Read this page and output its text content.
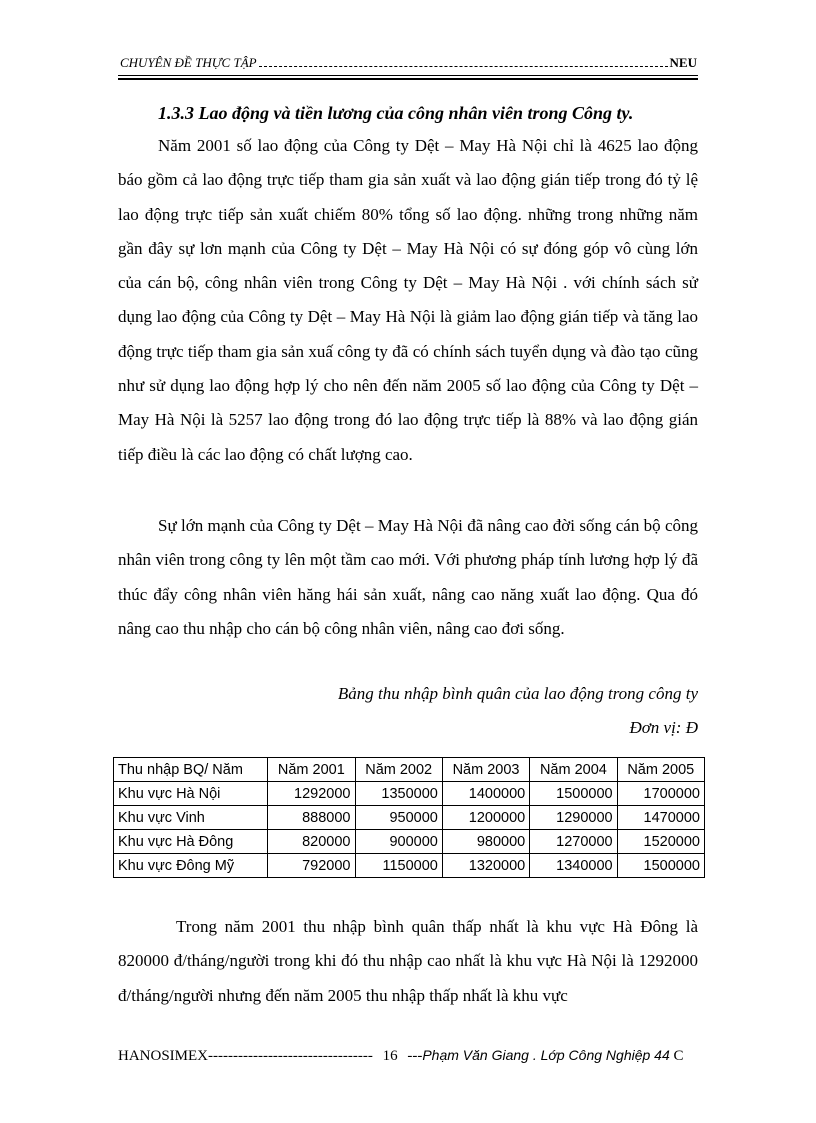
CHUYÊN ĐỀ THỰC TẬP	NEU
1.3.3 Lao động và tiền lương của công nhân viên trong Công ty.

Năm 2001 số lao động của Công ty Dệt – May Hà Nội chỉ là 4625 lao động báo gồm cả lao động trực tiếp tham gia sản xuất và lao động gián tiếp trong đó tỷ lệ lao động trực tiếp sản xuất chiếm 80% tổng số lao động. những trong những năm gần đây sự lơn mạnh của Công ty Dệt – May Hà Nội có sự đóng góp vô cùng lớn của cán bộ, công nhân viên trong Công ty Dệt – May Hà Nội . với chính sách sử dụng lao động của Công ty Dệt – May Hà Nội là giảm lao động gián tiếp và tăng lao động trực tiếp tham gia sản xuấ công ty đã có chính sách tuyển dụng và đào tạo cũng như sử dụng lao động hợp lý cho nên đến năm 2005 số lao động của Công ty Dệt – May Hà Nội là 5257 lao động trong đó lao động trực tiếp là 88% và lao động gián tiếp điều là các lao động có chất lượng cao.

Sự lớn mạnh của Công ty Dệt – May Hà Nội đã nâng cao đời sống cán bộ công nhân viên trong công ty lên một tầm cao mới. Với phương pháp tính lương hợp lý đã thúc đẩy công nhân viên hăng hái sản xuất, nâng cao năng xuất lao động. Qua đó nâng cao thu nhập cho cán bộ công nhân viên, nâng cao đơi sống.

Bảng thu nhập bình quân của lao động trong công ty
Đơn vị: Đ
Thu nhập BQ/ Năm	Năm 2001	Năm 2002	Năm 2003	Năm 2004	Năm 2005
Khu vực Hà Nội	1292000	1350000	1400000	1500000	1700000
Khu vực Vinh	888000	950000	1200000	1290000	1470000
Khu vực Hà Đông	820000	900000	980000	1270000	1520000
Khu vực Đông Mỹ	792000	1150000	1320000	1340000	1500000

Trong năm 2001 thu nhập bình quân thấp nhất là khu vực Hà Đông là 820000 đ/tháng/người trong khi đó thu nhập cao nhất là khu vực Hà Nội là 1292000 đ/tháng/người nhưng đến năm 2005 thu nhập thấp nhất là khu vực

HANOSIMEX--------------------------------- 16 ---Phạm Văn Giang . Lớp Công Nghiệp 44 C
